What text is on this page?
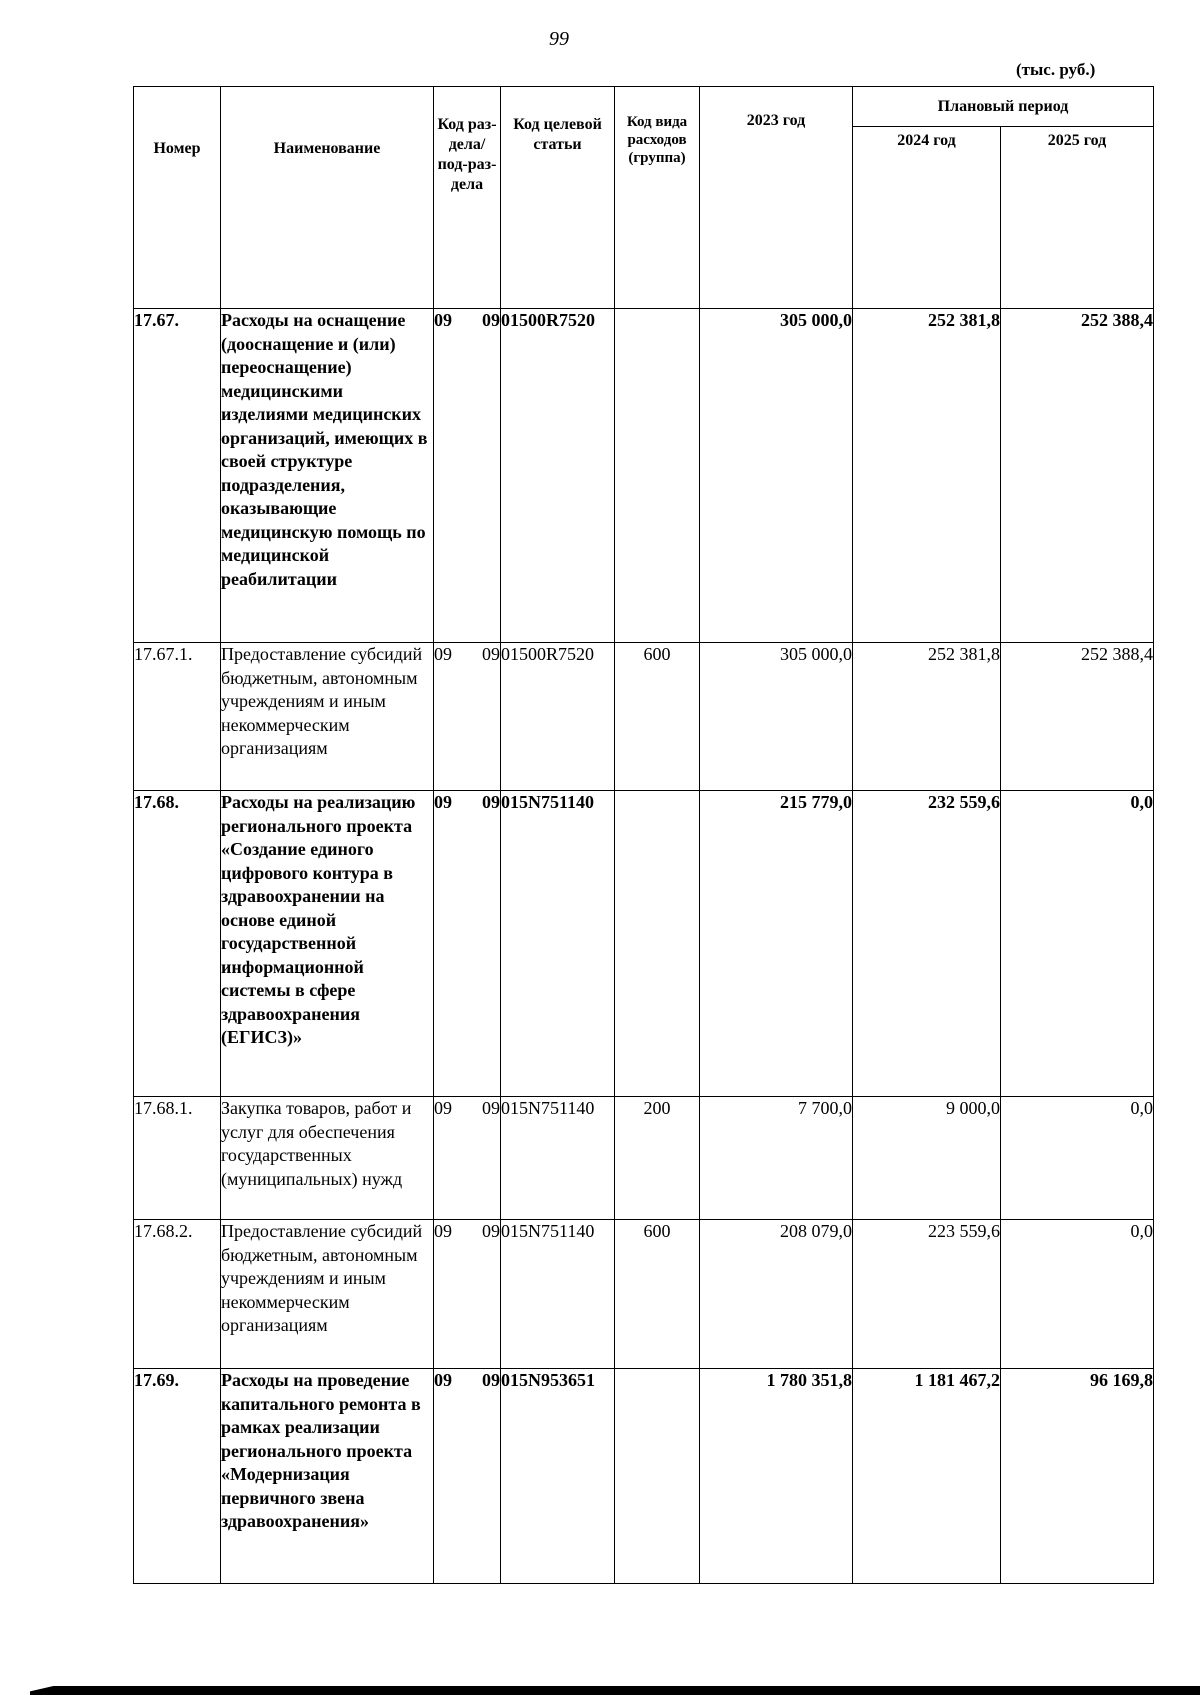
99
(тыс. руб.)
Номер	Наименование	Код раз-дела/под-раз-дела	Код целевой статьи	Код вида расходов (группа)	2023 год	Плановый период	
						2024 год	2025 год
17.67.	Расходы на оснащение (дооснащение и (или) переоснащение) медицинскими изделиями медицинских организаций, имеющих в своей структуре подразделения, оказывающие медицинскую помощь по медицинской реабилитации	09 09	01500R7520		305 000,0	252 381,8	252 388,4
17.67.1.	Предоставление субсидий бюджетным, автономным учреждениям и иным некоммерческим организациям	09 09	01500R7520	600	305 000,0	252 381,8	252 388,4
17.68.	Расходы на реализацию регионального проекта «Создание единого цифрового контура в здравоохранении на основе единой государственной информационной системы в сфере здравоохранения (ЕГИСЗ)»	09 09	015N751140		215 779,0	232 559,6	0,0
17.68.1.	Закупка товаров, работ и услуг для обеспечения государственных (муниципальных) нужд	09 09	015N751140	200	7 700,0	9 000,0	0,0
17.68.2.	Предоставление субсидий бюджетным, автономным учреждениям и иным некоммерческим организациям	09 09	015N751140	600	208 079,0	223 559,6	0,0
17.69.	Расходы на проведение капитального ремонта в рамках реализации регионального проекта «Модернизация первичного звена здравоохранения»	09 09	015N953651		1 780 351,8	1 181 467,2	96 169,8
